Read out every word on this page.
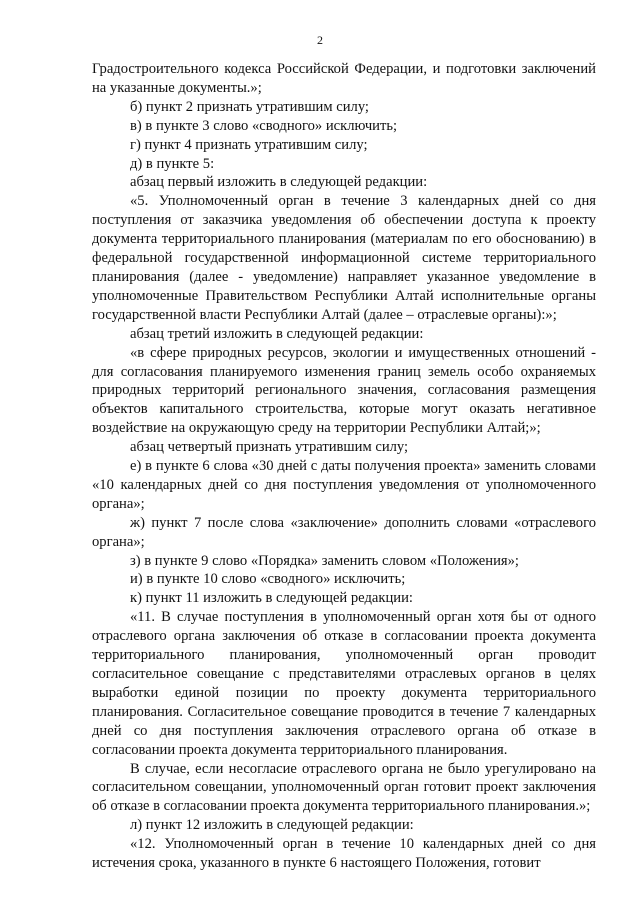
2

Градостроительного кодекса Российской Федерации, и подготовки заключений на указанные документы.»;

б) пункт 2 признать утратившим силу;

в) в пункте 3 слово «сводного» исключить;

г) пункт 4 признать утратившим силу;

д) в пункте 5:

абзац первый изложить в следующей редакции:

«5. Уполномоченный орган в течение 3 календарных дней со дня поступления от заказчика уведомления об обеспечении доступа к проекту документа территориального планирования (материалам по его обоснованию) в федеральной государственной информационной системе территориального планирования (далее - уведомление) направляет указанное уведомление в уполномоченные Правительством Республики Алтай исполнительные органы государственной власти Республики Алтай (далее – отраслевые органы):»;

абзац третий изложить в следующей редакции:

«в сфере природных ресурсов, экологии и имущественных отношений - для согласования планируемого изменения границ земель особо охраняемых природных территорий регионального значения, согласования размещения объектов капитального строительства, которые могут оказать негативное воздействие на окружающую среду на территории Республики Алтай;»;

абзац четвертый признать утратившим силу;

е) в пункте 6 слова «30 дней с даты получения проекта» заменить словами «10 календарных дней со дня поступления уведомления от уполномоченного органа»;

ж) пункт 7 после слова «заключение» дополнить словами «отраслевого органа»;

з) в пункте 9 слово «Порядка» заменить словом «Положения»;

и) в пункте 10 слово «сводного» исключить;

к) пункт 11 изложить в следующей редакции:

«11. В случае поступления в уполномоченный орган хотя бы от одного отраслевого органа заключения об отказе в согласовании проекта документа территориального планирования, уполномоченный орган проводит согласительное совещание с представителями отраслевых органов в целях выработки единой позиции по проекту документа территориального планирования. Согласительное совещание проводится в течение 7 календарных дней со дня поступления заключения отраслевого органа об отказе в согласовании проекта документа территориального планирования.

В случае, если несогласие отраслевого органа не было урегулировано на согласительном совещании, уполномоченный орган готовит проект заключения об отказе в согласовании проекта документа территориального планирования.»;

л) пункт 12 изложить в следующей редакции:

«12. Уполномоченный орган в течение 10 календарных дней со дня истечения срока, указанного в пункте 6 настоящего Положения, готовит
